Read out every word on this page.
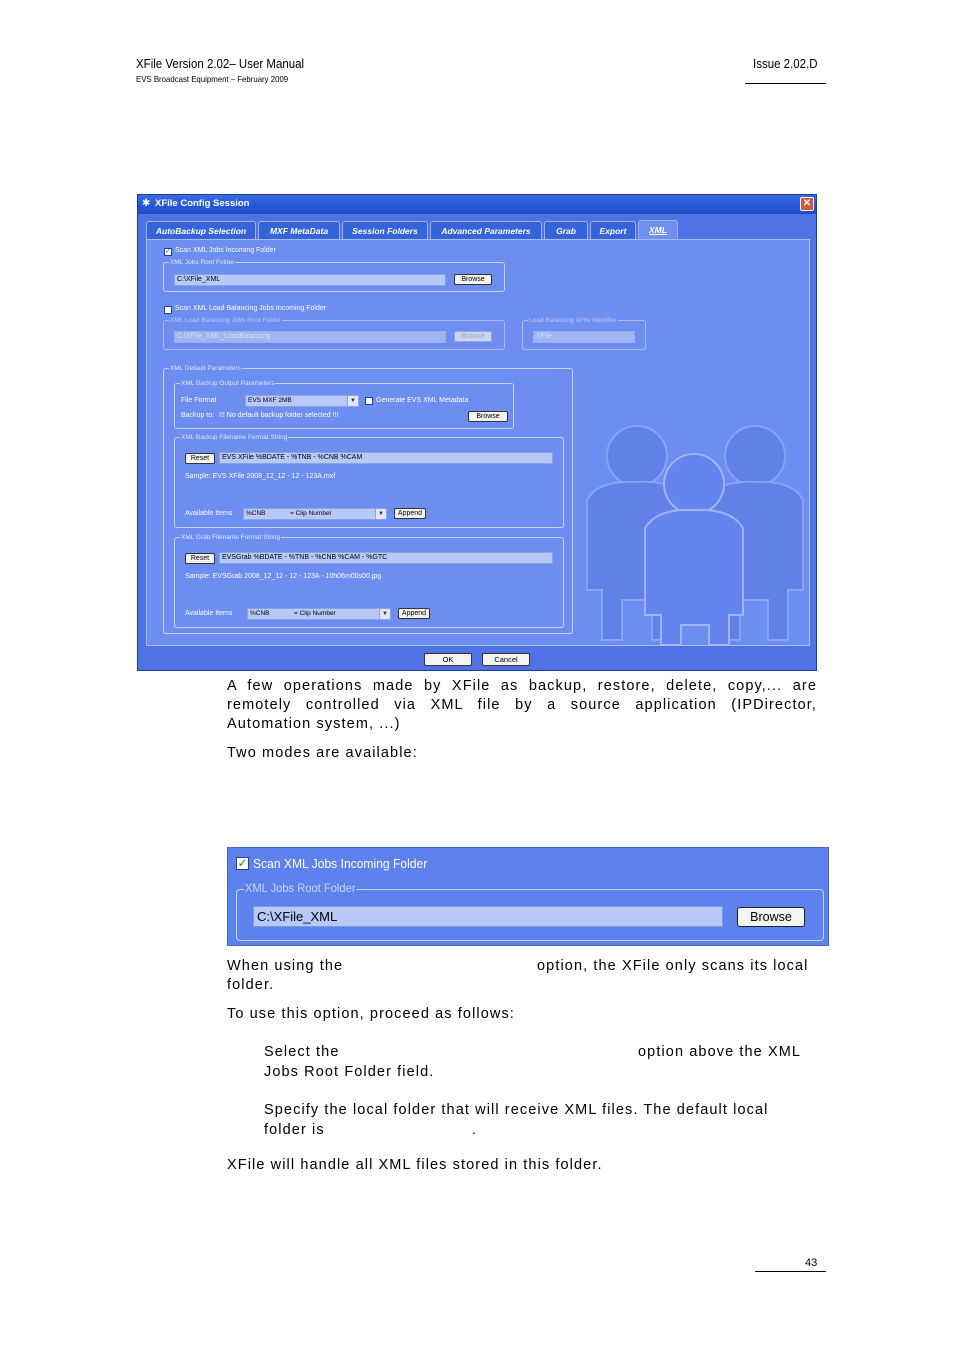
XFile Version 2.02– User Manual
EVS Broadcast Equipment – February 2009
Issue 2.02.D
✱ XFile Config Session	✕
AutoBackup Selection	MXF MetaData	Session Folders	Advanced Parameters	Grab	Export	XML
✓ Scan XML Jobs Incoming Folder
XML Jobs Root Folder
C:\XFile_XML	Browse
Scan XML Load Balancing Jobs Incoming Folder
XML Load Balancing Jobs Root Folder
C:\XFile_XML_LoadBalancing	Browse
Load Balancing XFile Identifier
XFile
XML Default Parameters
XML Backup Output Parameters
File Format	EVS MXF 2MB	▼	Generate EVS XML Metadata
Backup to: !!! No default backup folder selected !!!	Browse
XML Backup Filename Format String
Reset	EVS XFile %BDATE - %TNB - %CNB %CAM
Sample: EVS XFile 2008_12_12 - 12 - 123A.mxf
Available Items	%CNB	= Clip Number	▼	Append
XML Grab Filename Format String
Reset	EVSGrab %BDATE - %TNB - %CNB %CAM - %GTC
Sample: EVSGrab 2008_12_12 - 12 - 123A - 10h06m00s00.jpg
Available Items	%CNB	= Clip Number	▼	Append
OK	Cancel
A few operations made by XFile as backup, restore, delete, copy,... are remotely controlled via XML file by a source application (IPDirector, Automation system, ...)
Two modes are available:
✓ Scan XML Jobs Incoming Folder
XML Jobs Root Folder
C:\XFile_XML	Browse
When using the	option, the XFile only scans its local
folder.
To use this option, proceed as follows:
Select the	option above the XML
Jobs Root Folder field.
Specify the local folder that will receive XML files. The default local
folder is	.
XFile will handle all XML files stored in this folder.
43
